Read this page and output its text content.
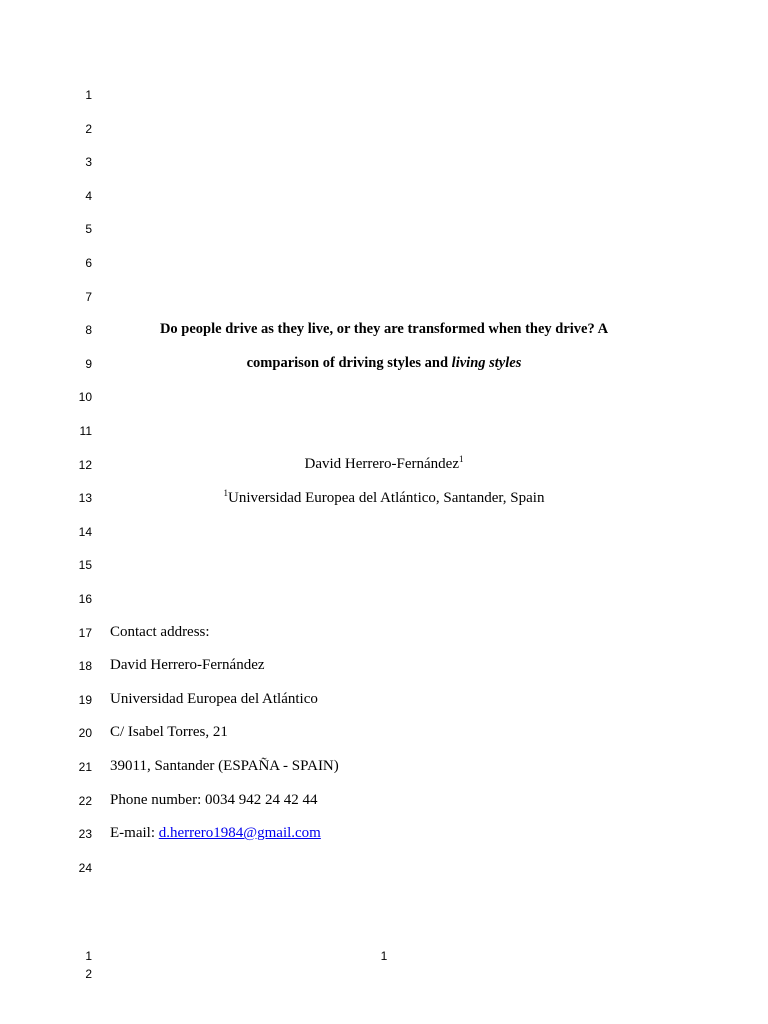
1
2
3
4
5
6
7
8
9
10
11
12
13
14
15
16
17
18
19
20
21
22
23
24
Do people drive as they live, or they are transformed when they drive? A
comparison of driving styles and living styles
David Herrero-Fernández$^1$
$^1$Universidad Europea del Atlántico, Santander, Spain
Contact address:
David Herrero-Fernández
Universidad Europea del Atlántico
C/ Isabel Torres, 21
39011, Santander (ESPAÑA - SPAIN)
Phone number: 0034 942 24 42 44
E-mail: d.herrero1984@gmail.com
1
1
2
